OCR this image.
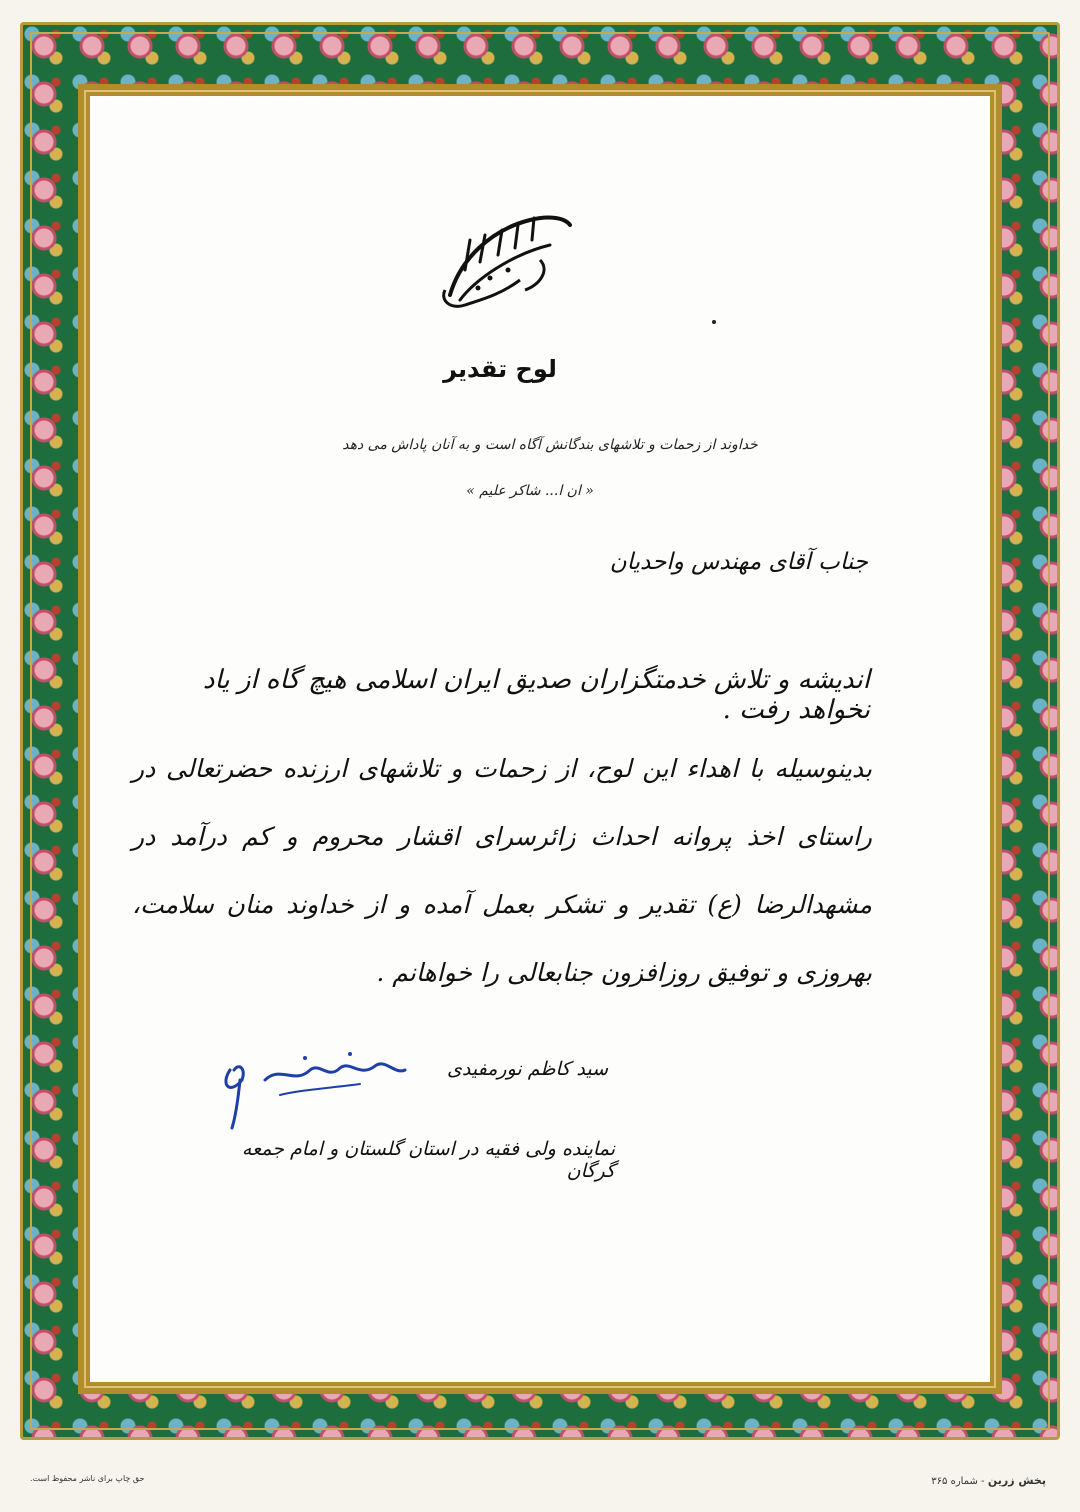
لوح تقدیر
خداوند از زحمات و تلاشهای بندگانش آگاه است و به آنان پاداش می دهد
« ان ا... شاکر علیم »
جناب آقای مهندس واحدیان
اندیشه و تلاش خدمتگزاران صدیق ایران اسلامی هیچ گاه از یاد نخواهد رفت .
بدینوسیله با اهداء این لوح، از زحمات و تلاشهای ارزنده حضرتعالی در راستای اخذ پروانه احداث زائرسرای اقشار محروم و کم درآمد در مشهدالرضا (ع) تقدیر و تشکر بعمل آمده و از خداوند منان سلامت، بهروزی و توفیق روزافزون جنابعالی را خواهانم .
سید کاظم نورمفیدی
نماینده ولی فقیه در استان گلستان و امام جمعه گرگان
پخش زرین - شماره ۳۶۵
حق چاپ برای ناشر محفوظ است.
